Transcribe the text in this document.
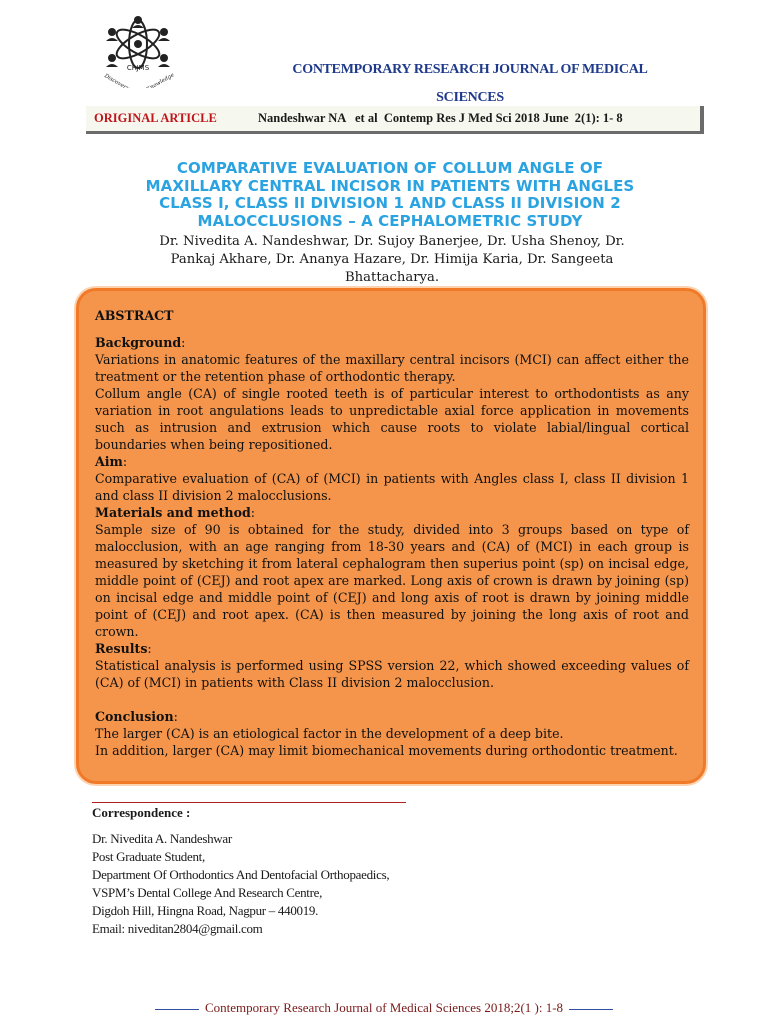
CRJMS
Discovery	Knowledge
CONTEMPORARY RESEARCH JOURNAL OF MEDICAL
SCIENCES
ORIGINAL ARTICLE	Nandeshwar NA   et al  Contemp Res J Med Sci 2018 June  2(1): 1- 8
COMPARATIVE EVALUATION OF COLLUM ANGLE OF
MAXILLARY CENTRAL INCISOR IN PATIENTS WITH ANGLES
CLASS I, CLASS II DIVISION 1 AND CLASS II DIVISION 2
MALOCCLUSIONS – A CEPHALOMETRIC STUDY
Dr. Nivedita A. Nandeshwar, Dr. Sujoy Banerjee, Dr. Usha Shenoy, Dr.
Pankaj Akhare, Dr. Ananya Hazare, Dr. Himija Karia, Dr. Sangeeta
Bhattacharya.
ABSTRACT

Background:

Variations in anatomic features of the maxillary central incisors (MCI) can affect either the treatment or the retention phase of orthodontic therapy.

Collum angle (CA) of single rooted teeth is of particular interest to orthodontists as any variation in root angulations leads to unpredictable axial force application in movements such as intrusion and extrusion which cause roots to violate labial/lingual cortical boundaries when being repositioned.

Aim:

Comparative evaluation of (CA) of (MCI) in patients with Angles class I, class II division 1 and class II division 2 malocclusions.

Materials and method:

Sample size of 90 is obtained for the study, divided into 3 groups based on type of malocclusion, with an age ranging from 18-30 years and (CA) of (MCI) in each group is measured by sketching it from lateral cephalogram then superius point (sp) on incisal edge, middle point of (CEJ) and root apex are marked. Long axis of crown is drawn by joining (sp) on incisal edge and middle point of (CEJ) and long axis of root is drawn by joining middle point of (CEJ) and root apex. (CA) is then measured by joining the long axis of root and crown.

Results:

Statistical analysis is performed using SPSS version 22, which showed exceeding values of (CA) of (MCI) in patients with Class II division 2 malocclusion.

Conclusion:

The larger (CA) is an etiological factor in the development of a deep bite.

In addition, larger (CA) may limit biomechanical movements during orthodontic treatment.

Correspondence :
Dr. Nivedita A. Nandeshwar
Post Graduate Student,
Department Of Orthodontics And Dentofacial Orthopaedics,
VSPM’s Dental College And Research Centre,
Digdoh Hill, Hingna Road, Nagpur – 440019.
Email: niveditan2804@gmail.com
Contemporary Research Journal of Medical Sciences 2018;2(1 ): 1-8
